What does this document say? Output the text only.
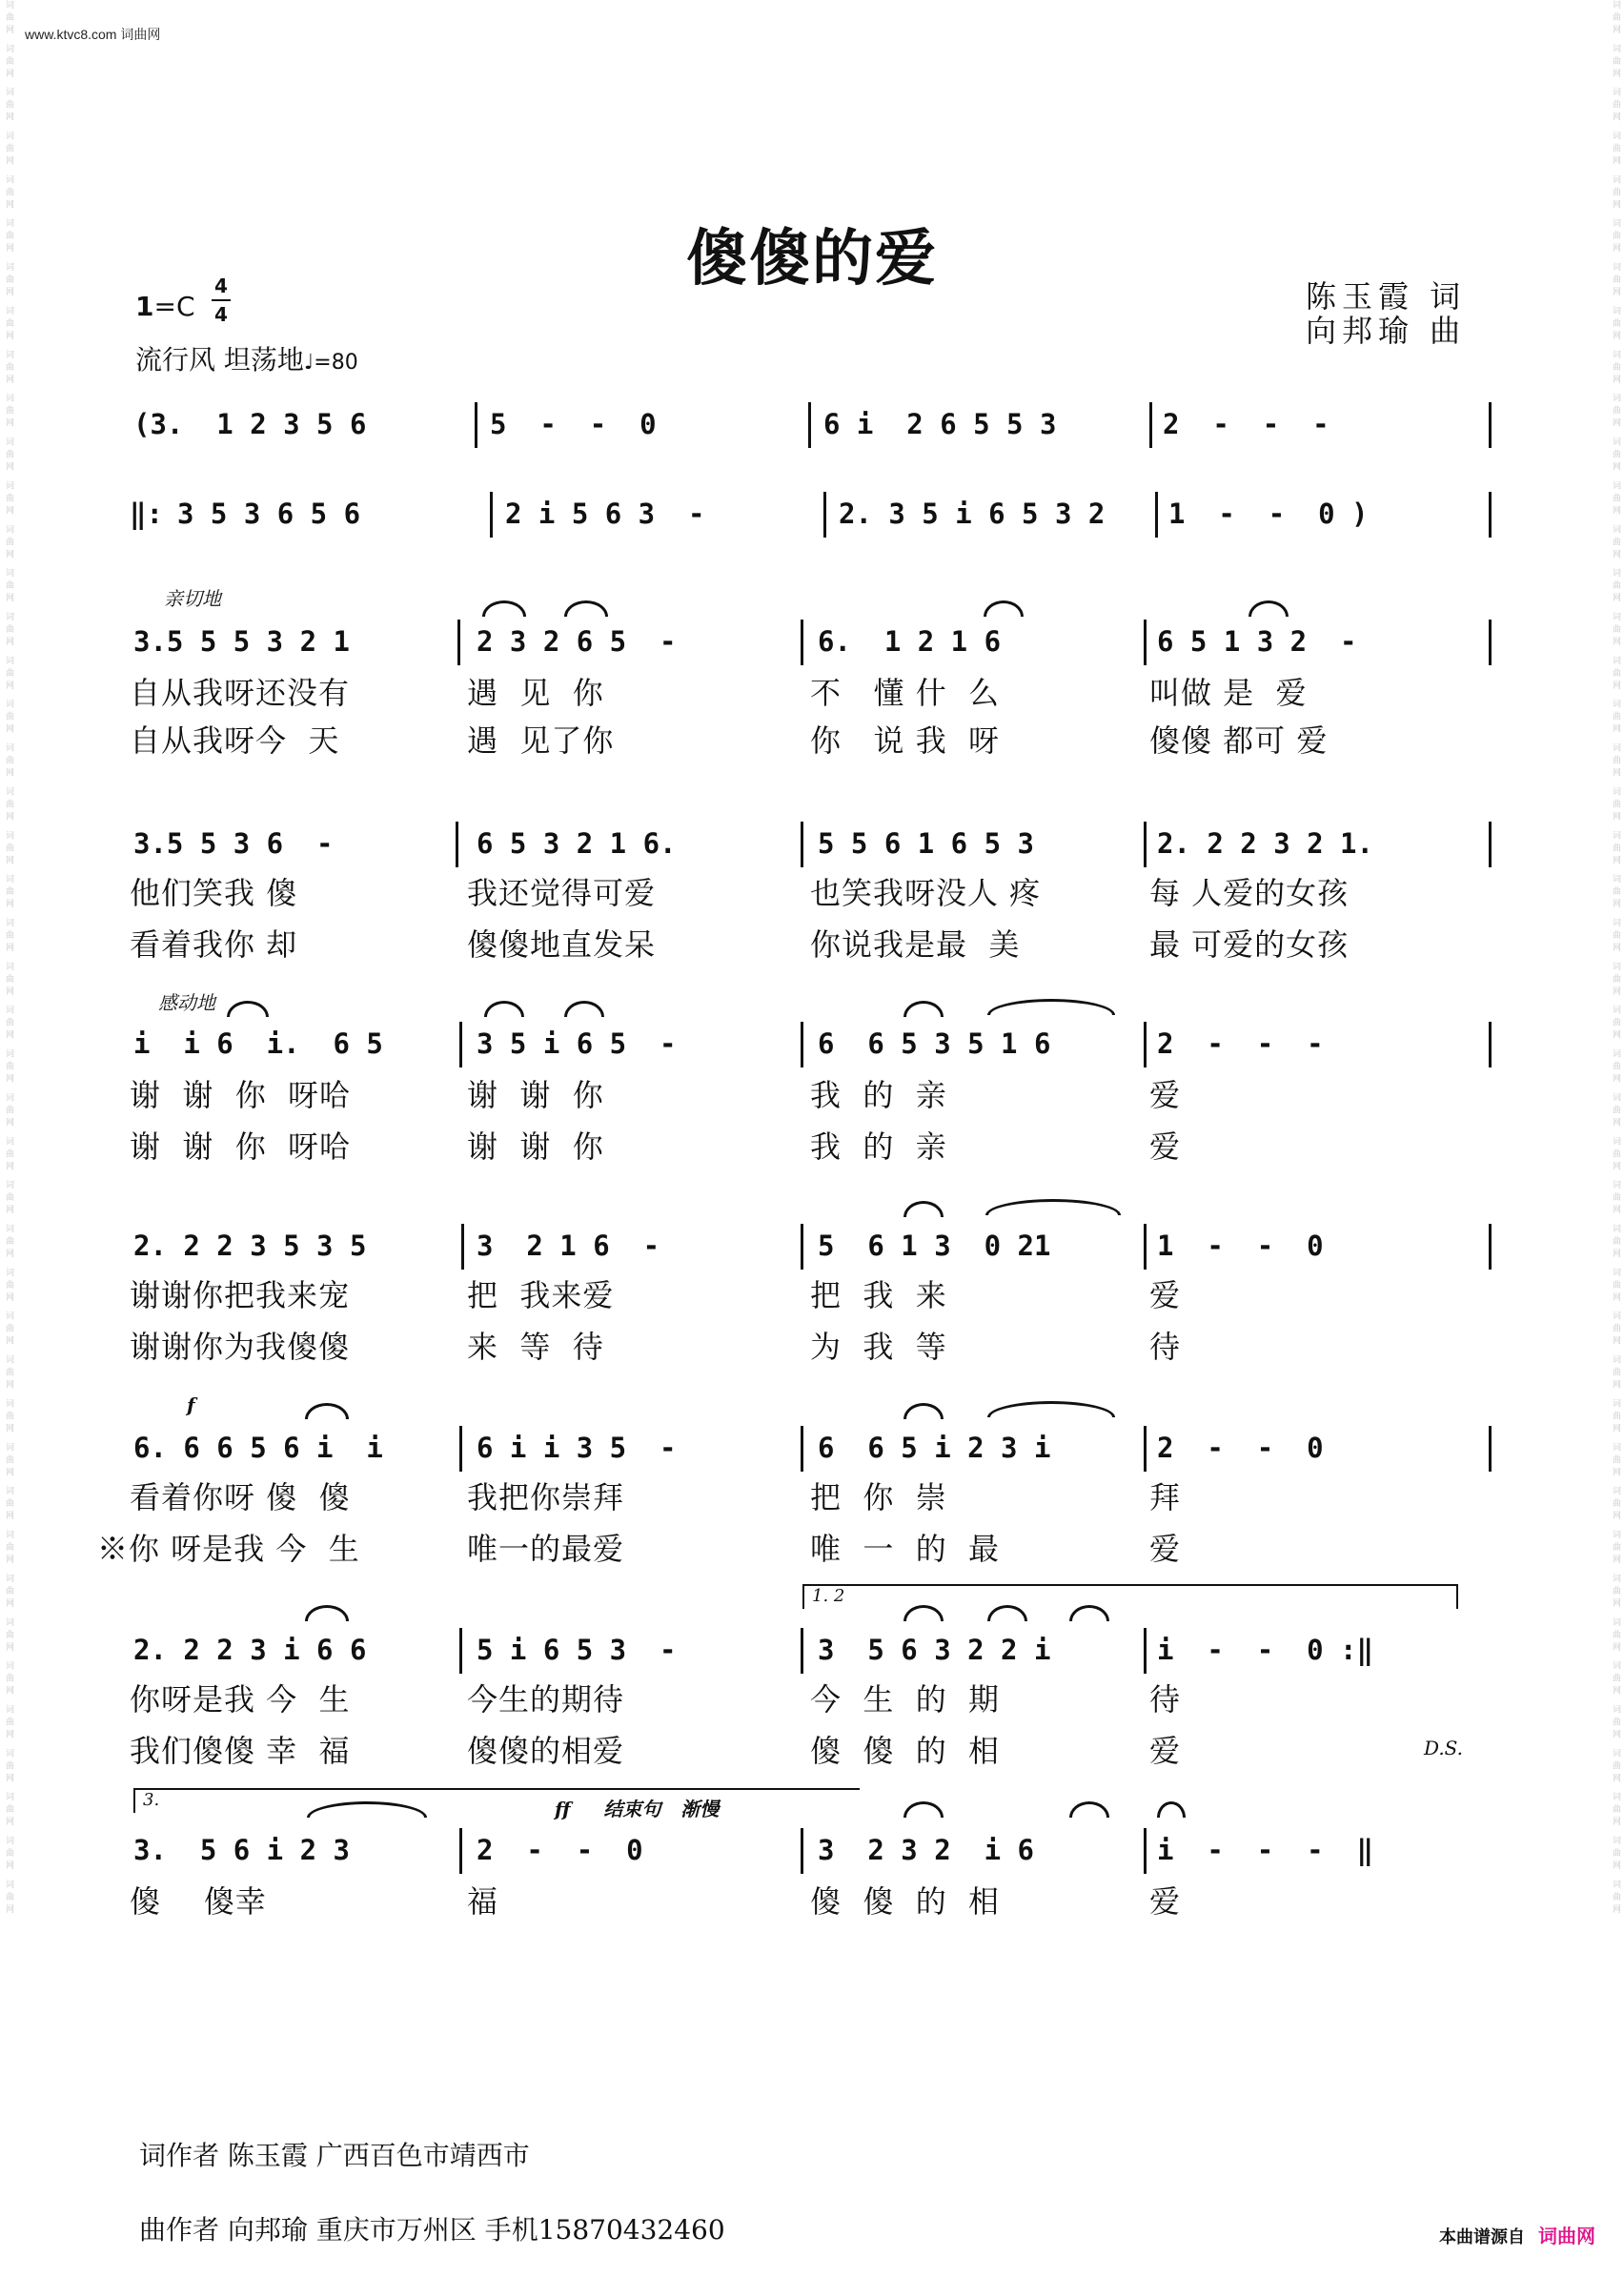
www.ktvc8.com 词曲网
词曲网 词曲网 词曲网 词曲网 词曲网 词曲网 词曲网 词曲网 词曲网 词曲网 词曲网 词曲网 词曲网 词曲网 词曲网 词曲网 词曲网 词曲网 词曲网 词曲网 词曲网 词曲网 词曲网 词曲网 词曲网 词曲网 词曲网 词曲网 词曲网 词曲网 词曲网 词曲网 词曲网 词曲网 词曲网 词曲网 词曲网 词曲网 词曲网 词曲网 词曲网 词曲网 词曲网 词曲网	词曲网 词曲网 词曲网 词曲网 词曲网 词曲网 词曲网 词曲网 词曲网 词曲网 词曲网 词曲网 词曲网 词曲网 词曲网 词曲网 词曲网 词曲网 词曲网 词曲网 词曲网 词曲网 词曲网 词曲网 词曲网 词曲网 词曲网 词曲网 词曲网 词曲网 词曲网 词曲网 词曲网 词曲网 词曲网 词曲网 词曲网 词曲网 词曲网 词曲网 词曲网 词曲网 词曲网 词曲网
傻傻的爱
陈玉霞 词
向邦瑜 曲
1=C
4
4
流行风 坦荡地♩=80
(3.  1 2 3 5 6	5  -  -  0	6 i  2 6 5 5 3	2  -  -  -
‖: 3 5 3 6 5 6	2 i 5 6 3  -	2. 3 5 i 6 5 3 2 1  -  -  0 )
亲切地
3.5 5 5 3 2 1	2 3 2 6 5  -	6.  1 2 1 6	6 5 1 3 2  -
自从我呀还没有	遇  见  你	不   懂 什  么	叫做 是  爱
自从我呀今  天	遇  见了你	你   说 我  呀	傻傻 都可 爱
3.5 5 3 6  -	6 5 3 2 1 6.	5 5 6 1 6 5 3	2. 2 2 3 2 1.
他们笑我 傻	我还觉得可爱	也笑我呀没人 疼	每 人爱的女孩
看着我你 却	傻傻地直发呆	你说我是最  美	最 可爱的女孩
感动地
i  i 6  i.  6 5	3 5 i 6 5  -	6  6 5 3 5 1 6	2  -  -  -
谢  谢  你  呀哈	谢  谢  你	我  的  亲	爱
谢  谢  你  呀哈	谢  谢  你	我  的  亲	爱
2. 2 2 3 5 3 5	3  2 1 6  -	5  6 1 3  0 21	1  -  -  0
谢谢你把我来宠	把  我来爱	把  我  来	爱
谢谢你为我傻傻	来  等  待	为  我  等	待
f
6. 6 6 5 6 i  i	6 i i 3 5  -	6  6 5 i 2 3 i	2  -  -  0
看着你呀 傻  傻	我把你崇拜	把  你  崇	拜
※你 呀是我 今  生	唯一的最爱	唯  一  的  最	爱
1. 2
2. 2 2 3 i 6 6	5 i 6 5 3  -	3  5 6 3 2 2 i	i  -  -  0 :‖
你呀是我 今  生	今生的期待	今  生  的  期	待
我们傻傻 幸  福	傻傻的相爱	傻  傻  的  相	爱	D.S.
3.	ff     结束句   渐慢
3.  5 6 i 2 3	2  -  -  0	3  2 3 2  i 6	i  -  -  -  ‖
傻    傻幸	福	傻  傻  的  相	爱
词作者 陈玉霞 广西百色市靖西市
曲作者 向邦瑜 重庆市万州区 手机15870432460	本曲谱源自 词曲网
